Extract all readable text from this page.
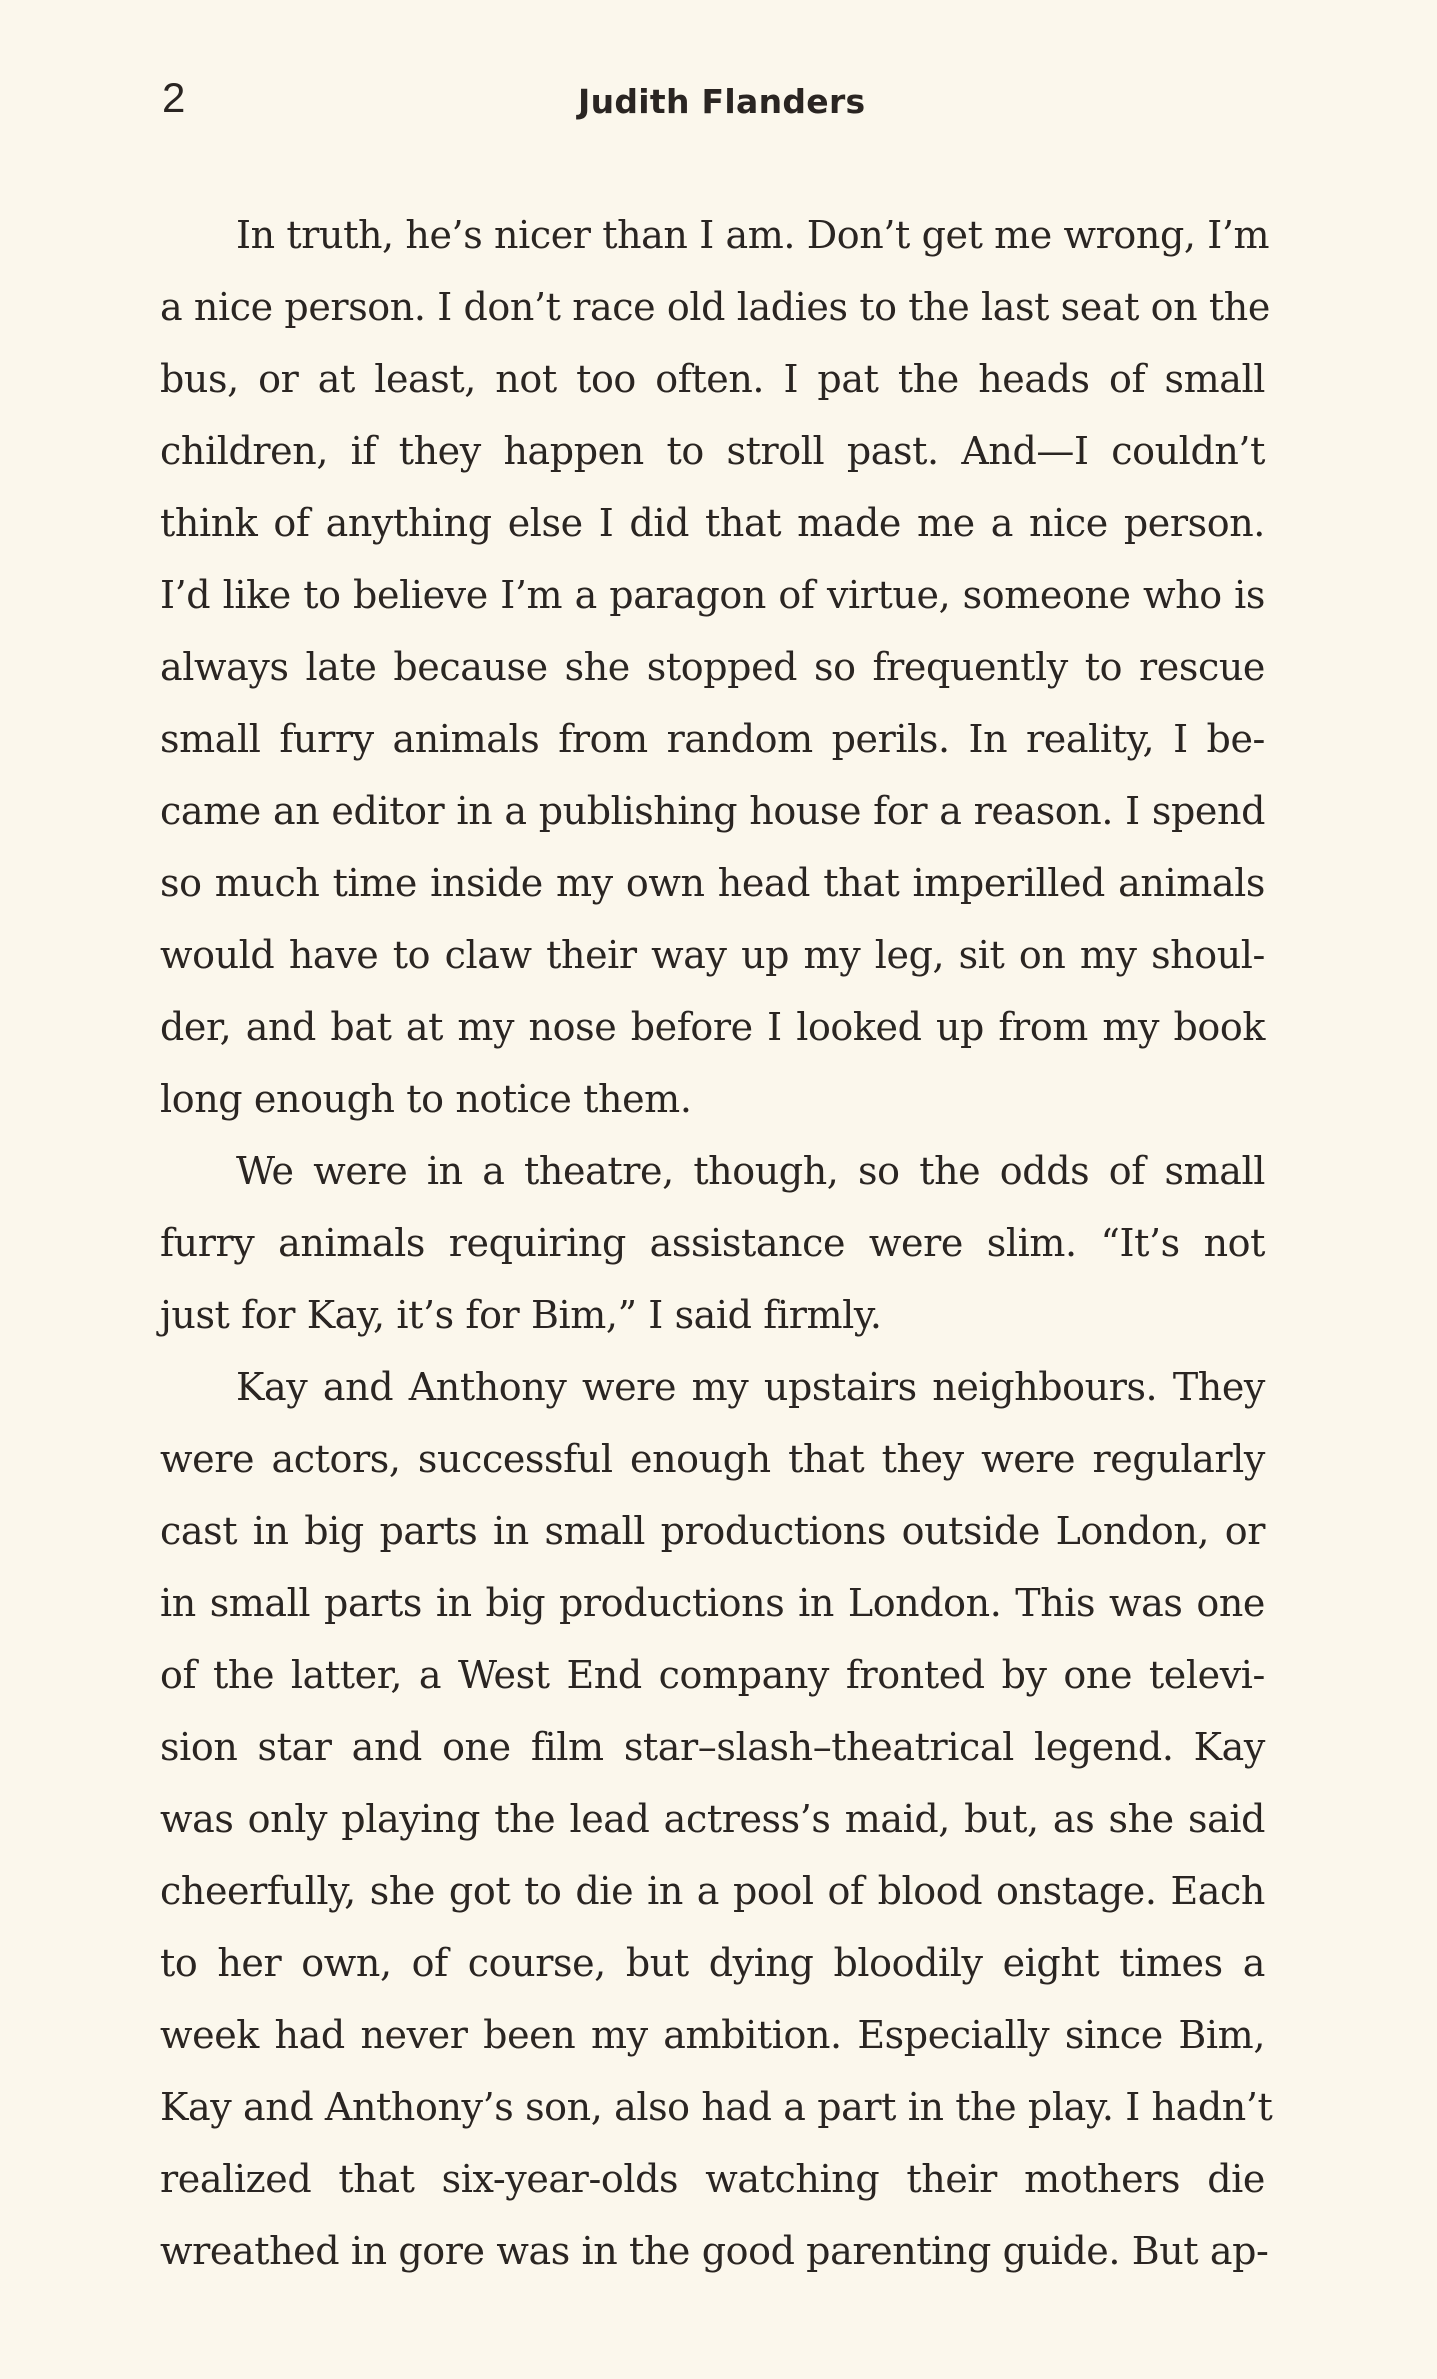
2	Judith Flanders
In truth, he’s nicer than I am. Don’t get me wrong, I’m
a nice person. I don’t race old ladies to the last seat on the
bus, or at least, not too often. I pat the heads of small
children, if they happen to stroll past. And—I couldn’t
think of anything else I did that made me a nice person.
I’d like to believe I’m a paragon of virtue, someone who is
always late because she stopped so frequently to rescue
small furry animals from random perils. In reality, I be-
came an editor in a publishing house for a reason. I spend
so much time inside my own head that imperilled animals
would have to claw their way up my leg, sit on my shoul-
der, and bat at my nose before I looked up from my book
long enough to notice them.
We were in a theatre, though, so the odds of small
furry animals requiring assistance were slim. “It’s not
just for Kay, it’s for Bim,” I said firmly.
Kay and Anthony were my upstairs neighbours. They
were actors, successful enough that they were regularly
cast in big parts in small productions outside London, or
in small parts in big productions in London. This was one
of the latter, a West End company fronted by one televi-
sion star and one film star–slash–theatrical legend. Kay
was only playing the lead actress’s maid, but, as she said
cheerfully, she got to die in a pool of blood onstage. Each
to her own, of course, but dying bloodily eight times a
week had never been my ambition. Especially since Bim,
Kay and Anthony’s son, also had a part in the play. I hadn’t
realized that six-year-olds watching their mothers die
wreathed in gore was in the good parenting guide. But ap-
